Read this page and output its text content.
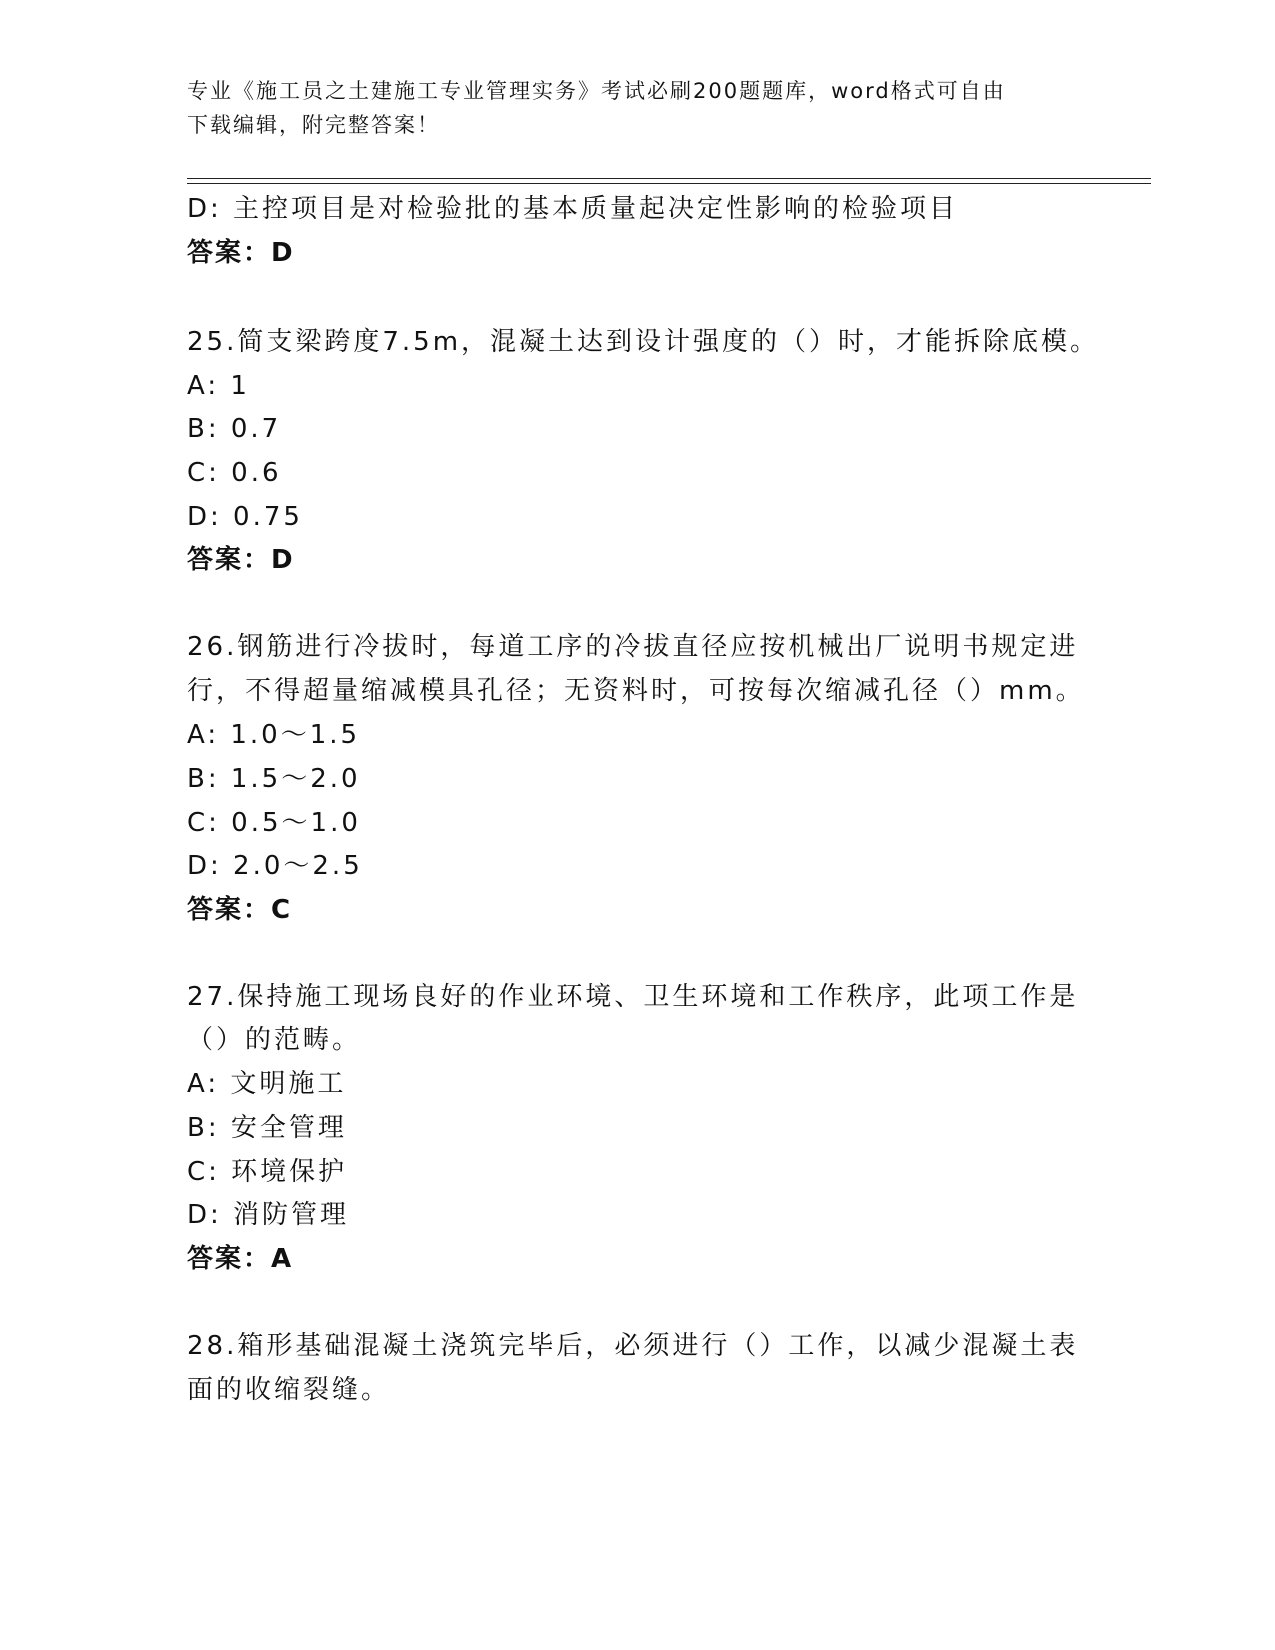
专业《施工员之土建施工专业管理实务》考试必刷200题题库，word格式可自由
下载编辑，附完整答案！
D: 主控项目是对检验批的基本质量起决定性影响的检验项目
答案：D
25.简支梁跨度7.5m，混凝土达到设计强度的（）时，才能拆除底模。
A: 1
B: 0.7
C: 0.6
D: 0.75
答案：D
26.钢筋进行冷拔时，每道工序的冷拔直径应按机械出厂说明书规定进
行，不得超量缩减模具孔径；无资料时，可按每次缩减孔径（）mm。
A: 1.0～1.5
B: 1.5～2.0
C: 0.5～1.0
D: 2.0～2.5
答案：C
27.保持施工现场良好的作业环境、卫生环境和工作秩序，此项工作是
（）的范畴。
A: 文明施工
B: 安全管理
C: 环境保护
D: 消防管理
答案：A
28.箱形基础混凝土浇筑完毕后，必须进行（）工作，以减少混凝土表
面的收缩裂缝。
